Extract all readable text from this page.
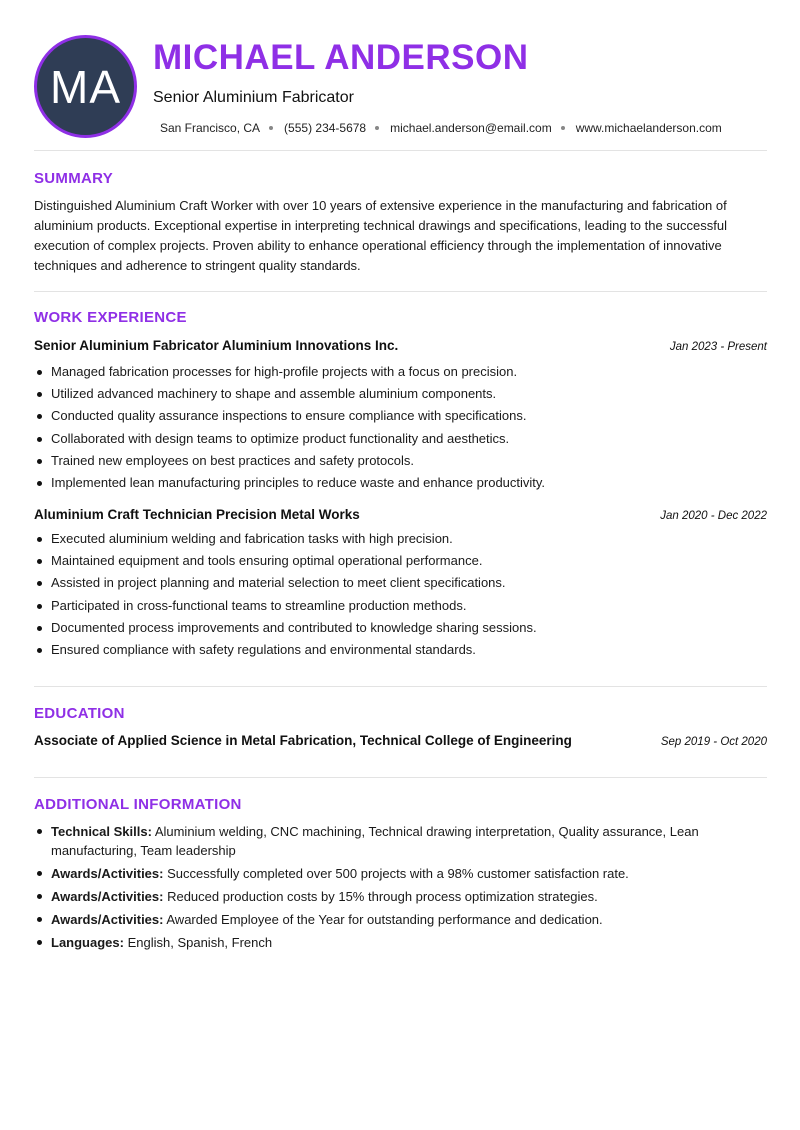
MA
MICHAEL ANDERSON
Senior Aluminium Fabricator
San Francisco, CA (555) 234-5678 michael.anderson@email.com www.michaelanderson.com
SUMMARY

Distinguished Aluminium Craft Worker with over 10 years of extensive experience in the manufacturing and fabrication of aluminium products. Exceptional expertise in interpreting technical drawings and specifications, leading to the successful execution of complex projects. Proven ability to enhance operational efficiency through the implementation of innovative techniques and adherence to stringent quality standards.

WORK EXPERIENCE
Senior Aluminium Fabricator Aluminium Innovations Inc.	Jan 2023 - Present
Managed fabrication processes for high-profile projects with a focus on precision.
Utilized advanced machinery to shape and assemble aluminium components.
Conducted quality assurance inspections to ensure compliance with specifications.
Collaborated with design teams to optimize product functionality and aesthetics.
Trained new employees on best practices and safety protocols.
Implemented lean manufacturing principles to reduce waste and enhance productivity.
Aluminium Craft Technician Precision Metal Works	Jan 2020 - Dec 2022
Executed aluminium welding and fabrication tasks with high precision.
Maintained equipment and tools ensuring optimal operational performance.
Assisted in project planning and material selection to meet client specifications.
Participated in cross-functional teams to streamline production methods.
Documented process improvements and contributed to knowledge sharing sessions.
Ensured compliance with safety regulations and environmental standards.
EDUCATION
Associate of Applied Science in Metal Fabrication, Technical College of Engineering	Sep 2019 - Oct 2020
ADDITIONAL INFORMATION
Technical Skills: Aluminium welding, CNC machining, Technical drawing interpretation, Quality assurance, Lean manufacturing, Team leadership
Awards/Activities: Successfully completed over 500 projects with a 98% customer satisfaction rate.
Awards/Activities: Reduced production costs by 15% through process optimization strategies.
Awards/Activities: Awarded Employee of the Year for outstanding performance and dedication.
Languages: English, Spanish, French
